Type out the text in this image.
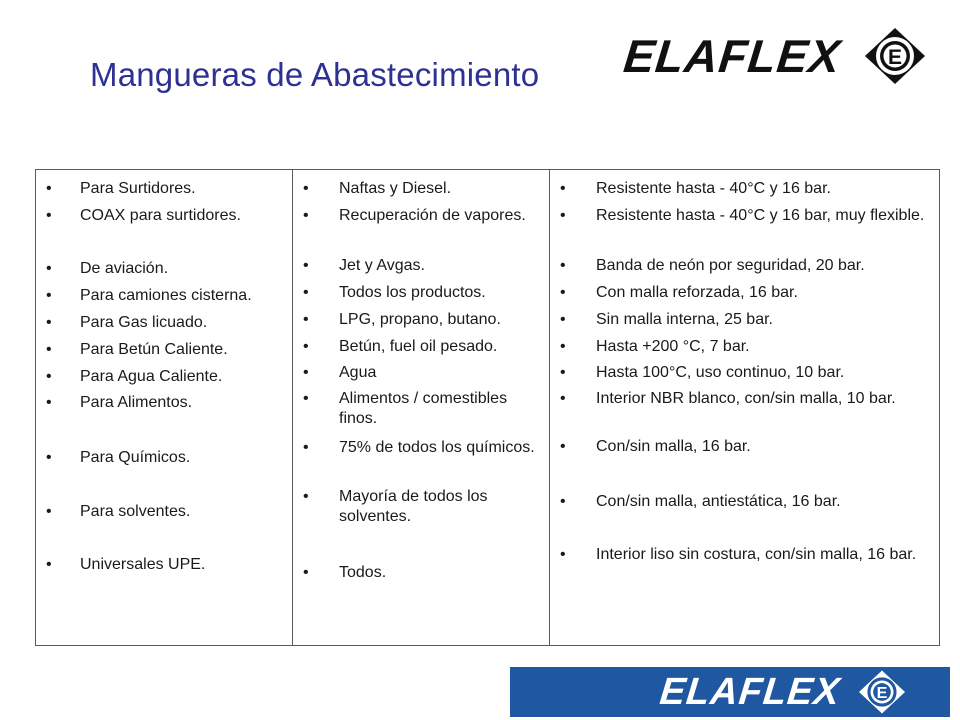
Mangueras de Abastecimiento ELAFLEX E
• Para Surtidores.
• COAX para surtidores.
• De aviación.
• Para camiones cisterna.
• Para Gas licuado.
• Para Betún Caliente.
• Para Agua Caliente.
• Para Alimentos.
• Para Químicos.
• Para solventes.
• Universales UPE.
• Naftas y Diesel.
• Recuperación de vapores.
• Jet y Avgas.
• Todos los productos.
• LPG, propano, butano.
• Betún, fuel oil pesado.
• Agua
• Alimentos / comestibles finos.
• 75% de todos los químicos.
• Mayoría de todos los solventes.
• Todos.
• Resistente hasta - 40°C y 16 bar.
• Resistente hasta - 40°C y 16 bar, muy flexible.
• Banda de neón por seguridad, 20 bar.
• Con malla reforzada, 16 bar.
• Sin malla interna, 25 bar.
• Hasta +200 °C, 7 bar.
• Hasta 100°C, uso continuo, 10 bar.
• Interior NBR blanco, con/sin malla, 10 bar.
• Con/sin malla, 16 bar.
• Con/sin malla, antiestática, 16 bar.
• Interior liso sin costura, con/sin malla, 16 bar.
ELAFLEX E
